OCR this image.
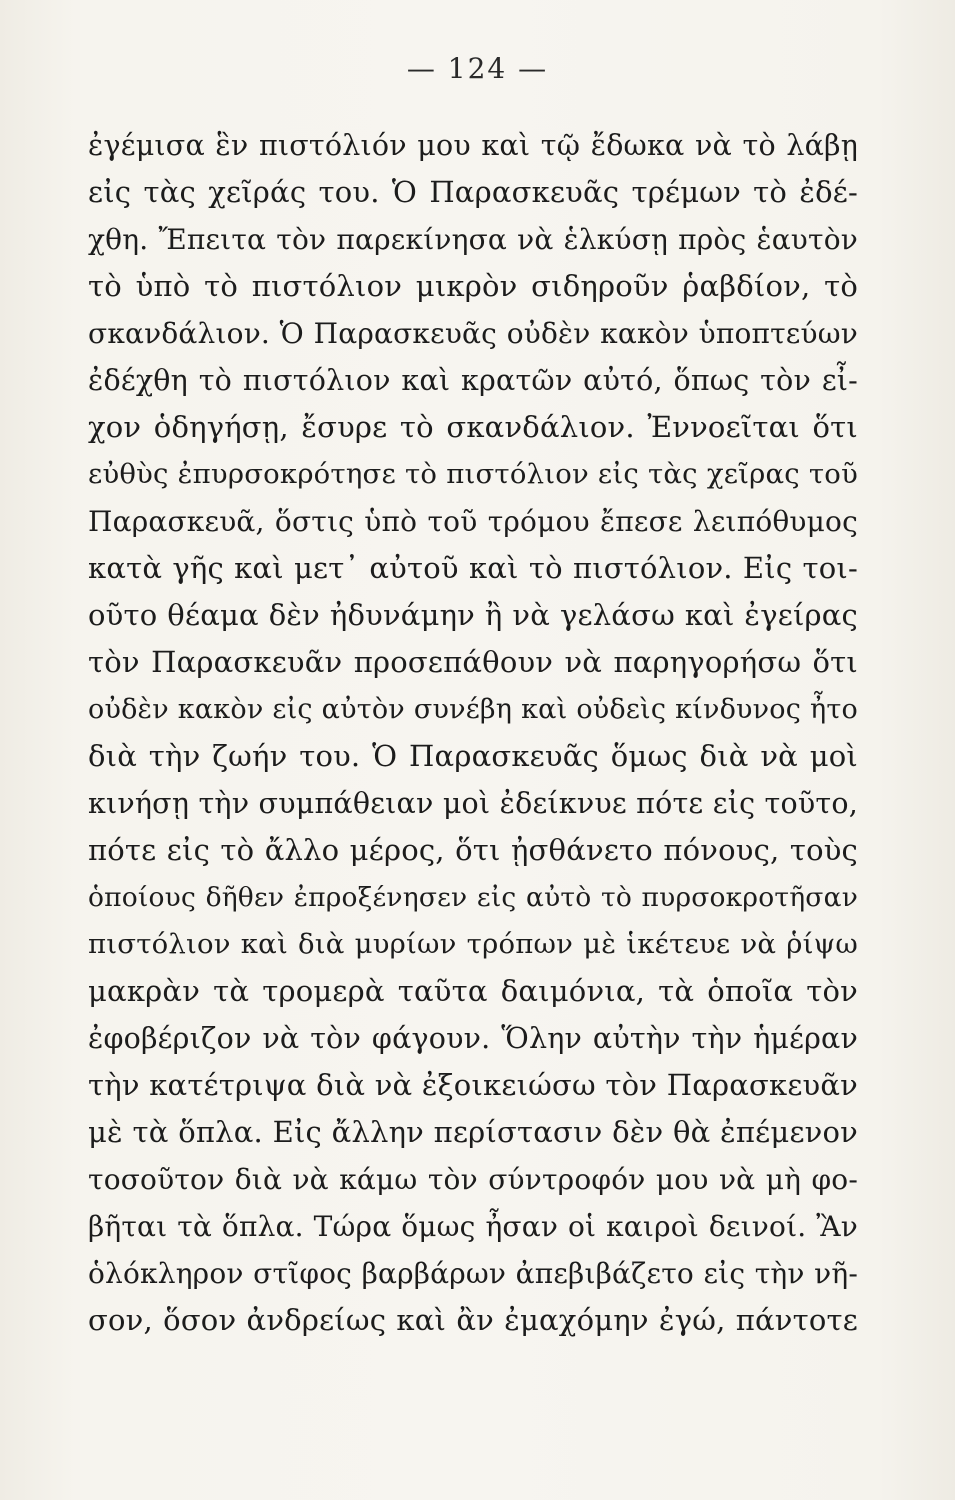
— 124 —
ἐγέμισα ἓν πιστόλιόν μου καὶ τῷ ἔδωκα νὰ τὸ λάβῃ
εἰς τὰς χεῖράς του. Ὁ Παρασκευᾶς τρέμων τὸ ἐδέ-
χθη. Ἔπειτα τὸν παρεκίνησα νὰ ἑλκύσῃ πρὸς ἑαυτὸν
τὸ ὑπὸ τὸ πιστόλιον μικρὸν σιδηροῦν ῥαβδίον, τὸ
σκανδάλιον. Ὁ Παρασκευᾶς οὐδὲν κακὸν ὑποπτεύων
ἐδέχθη τὸ πιστόλιον καὶ κρατῶν αὐτό, ὅπως τὸν εἶ-
χον ὁδηγήσῃ, ἔσυρε τὸ σκανδάλιον. Ἐννοεῖται ὅτι
εὐθὺς ἐπυρσοκρότησε τὸ πιστόλιον εἰς τὰς χεῖρας τοῦ
Παρασκευᾶ, ὅστις ὑπὸ τοῦ τρόμου ἔπεσε λειπόθυμος
κατὰ γῆς καὶ μετ᾽ αὐτοῦ καὶ τὸ πιστόλιον. Εἰς τοι-
οῦτο θέαμα δὲν ἠδυνάμην ἢ νὰ γελάσω καὶ ἐγείρας
τὸν Παρασκευᾶν προσεπάθουν νὰ παρηγορήσω ὅτι
οὐδὲν κακὸν εἰς αὐτὸν συνέβη καὶ οὐδεὶς κίνδυνος ἦτο
διὰ τὴν ζωήν του. Ὁ Παρασκευᾶς ὅμως διὰ νὰ μοὶ
κινήσῃ τὴν συμπάθειαν μοὶ ἐδείκνυε πότε εἰς τοῦτο,
πότε εἰς τὸ ἄλλο μέρος, ὅτι ᾐσθάνετο πόνους, τοὺς
ὁποίους δῆθεν ἐπροξένησεν εἰς αὐτὸ τὸ πυρσοκροτῆσαν
πιστόλιον καὶ διὰ μυρίων τρόπων μὲ ἱκέτευε νὰ ῥίψω
μακρὰν τὰ τρομερὰ ταῦτα δαιμόνια, τὰ ὁποῖα τὸν
ἐφοβέριζον νὰ τὸν φάγουν. Ὅλην αὐτὴν τὴν ἡμέραν
τὴν κατέτριψα διὰ νὰ ἐξοικειώσω τὸν Παρασκευᾶν
μὲ τὰ ὅπλα. Εἰς ἄλλην περίστασιν δὲν θὰ ἐπέμενον
τοσοῦτον διὰ νὰ κάμω τὸν σύντροφόν μου νὰ μὴ φο-
βῆται τὰ ὅπλα. Τώρα ὅμως ἦσαν οἱ καιροὶ δεινοί. Ἂν
ὁλόκληρον στῖφος βαρβάρων ἀπεβιβάζετο εἰς τὴν νῆ-
σον, ὅσον ἀνδρείως καὶ ἂν ἐμαχόμην ἐγώ, πάντοτε
